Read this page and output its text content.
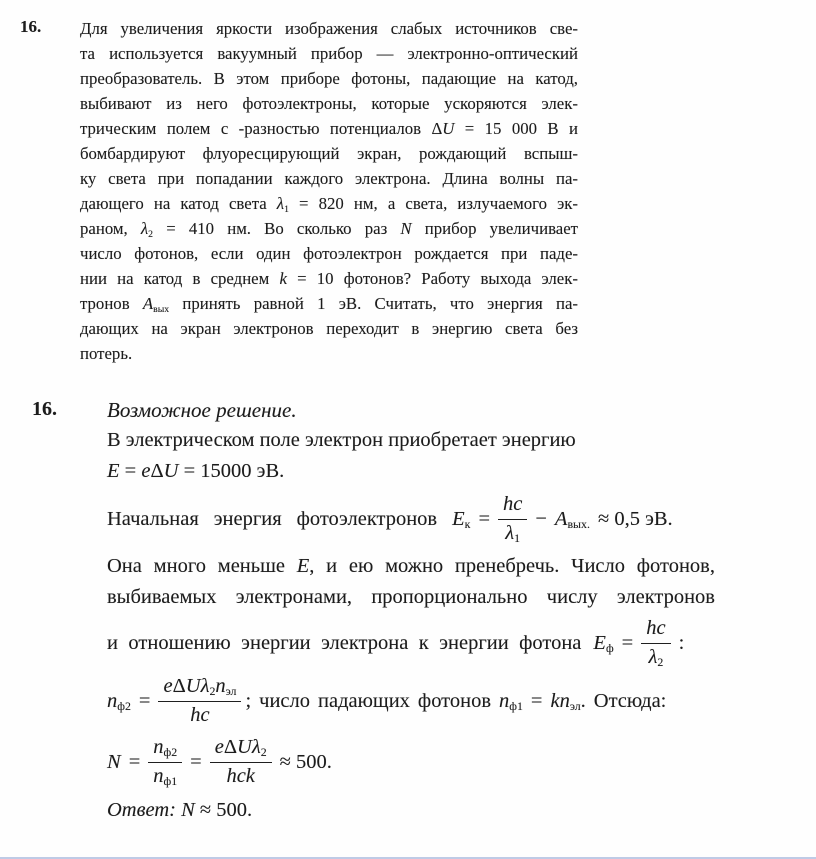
16. Для увеличения яркости изображения слабых источников све-
та используется вакуумный прибор — электронно-оптический
преобразователь. В этом приборе фотоны, падающие на катод,
выбивают из него фотоэлектроны, которые ускоряются элек-
трическим полем с -разностью потенциалов ΔU = 15 000 В и
бомбардируют флуоресцирующий экран, рождающий вспыш-
ку света при попадании каждого электрона. Длина волны па-
дающего на катод света $\lambda_1 = 820$ нм, а света, излучаемого эк-
раном, $\lambda_2 = 410$ нм. Во сколько раз N прибор увеличивает
число фотонов, если один фотоэлектрон рождается при паде-
нии на катод в среднем k = 10 фотонов? Работу выхода элек-
тронов $A_{вых}$ принять равной 1 эВ. Считать, что энергия па-
дающих на экран электронов переходит в энергию света без
потерь.
16. Возможное решение.
В электрическом поле электрон приобретает энергию
E = eΔU = 15000 эВ.
Начальная энергия фотоэлектронов $E_к = \frac{hc}{\lambda_1} - A_{вых.} \approx 0,5$ эВ.
Она много меньше E, и ею можно пренебречь. Число фотонов,
выбиваемых электронами, пропорционально числу электронов
и отношению энергии электрона к энергии фотона $E_ф = \frac{hc}{\lambda_2}$ :
$n_{ф2} = \frac{e\Delta U\lambda_2n_{эл}}{hc}$ ; число падающих фотонов $n_{ф1} = kn_{эл}$. Отсюда:
$N = \frac{n_{ф2}}{n_{ф1}} = \frac{e\Delta U\lambda_2}{\text{hck}} \approx 500$.
Ответ: N ≈ 500.
